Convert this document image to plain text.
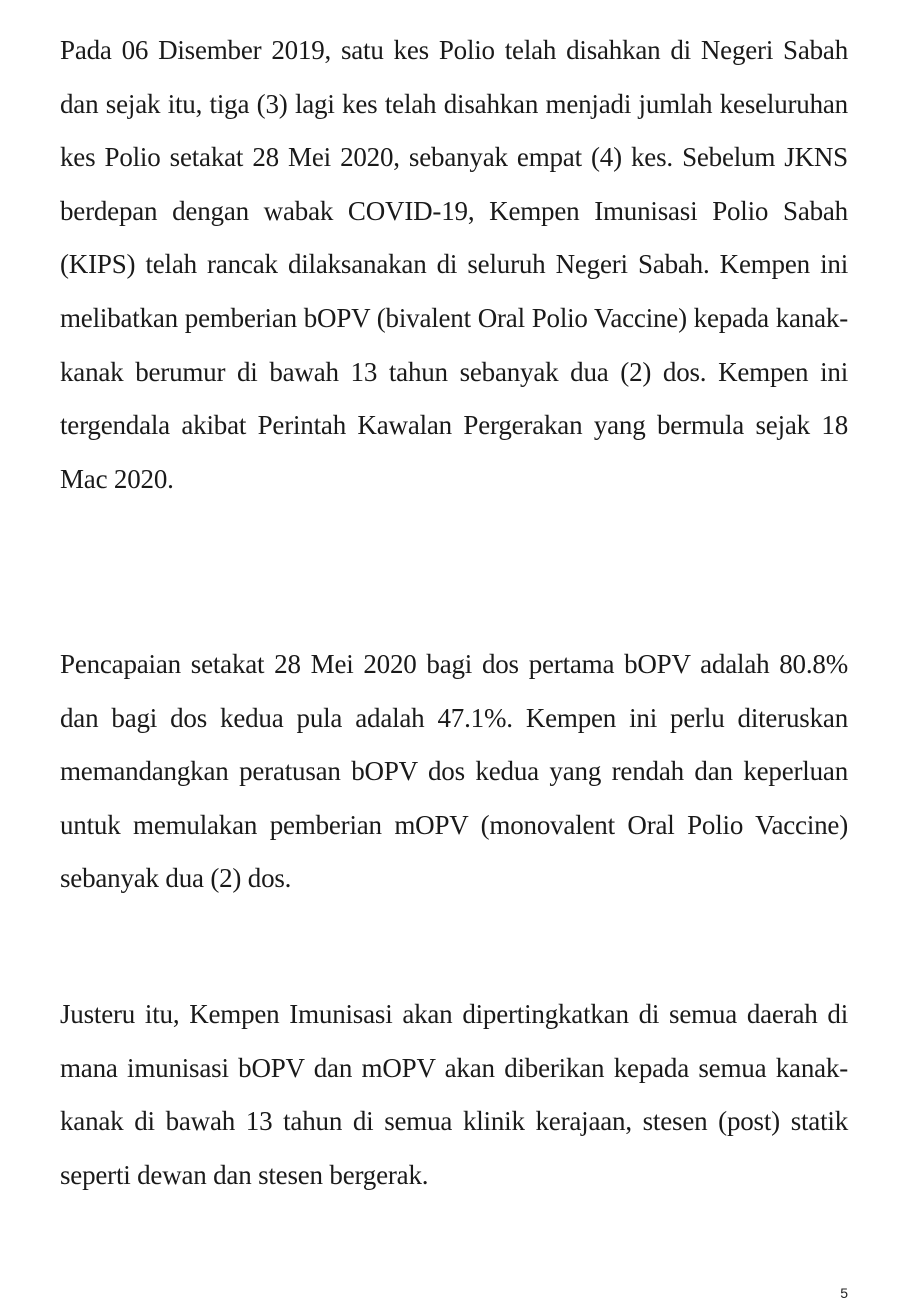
Pada 06 Disember 2019, satu kes Polio telah disahkan di Negeri Sabah dan sejak itu, tiga (3) lagi kes telah disahkan menjadi jumlah keseluruhan kes Polio setakat 28 Mei 2020, sebanyak empat (4) kes. Sebelum JKNS berdepan dengan wabak COVID-19, Kempen Imunisasi Polio Sabah (KIPS) telah rancak dilaksanakan di seluruh Negeri Sabah. Kempen ini melibatkan pemberian bOPV (bivalent Oral Polio Vaccine) kepada kanak-kanak berumur di bawah 13 tahun sebanyak dua (2) dos. Kempen ini tergendala akibat Perintah Kawalan Pergerakan yang bermula sejak 18 Mac 2020.

Pencapaian setakat 28 Mei 2020 bagi dos pertama bOPV adalah 80.8% dan bagi dos kedua pula adalah 47.1%. Kempen ini perlu diteruskan memandangkan peratusan bOPV dos kedua yang rendah dan keperluan untuk memulakan pemberian mOPV (monovalent Oral Polio Vaccine) sebanyak dua (2) dos.

Justeru itu, Kempen Imunisasi akan dipertingkatkan di semua daerah di mana imunisasi bOPV dan mOPV akan diberikan kepada semua kanak-kanak di bawah 13 tahun di semua klinik kerajaan, stesen (post) statik seperti dewan dan stesen bergerak.

5
